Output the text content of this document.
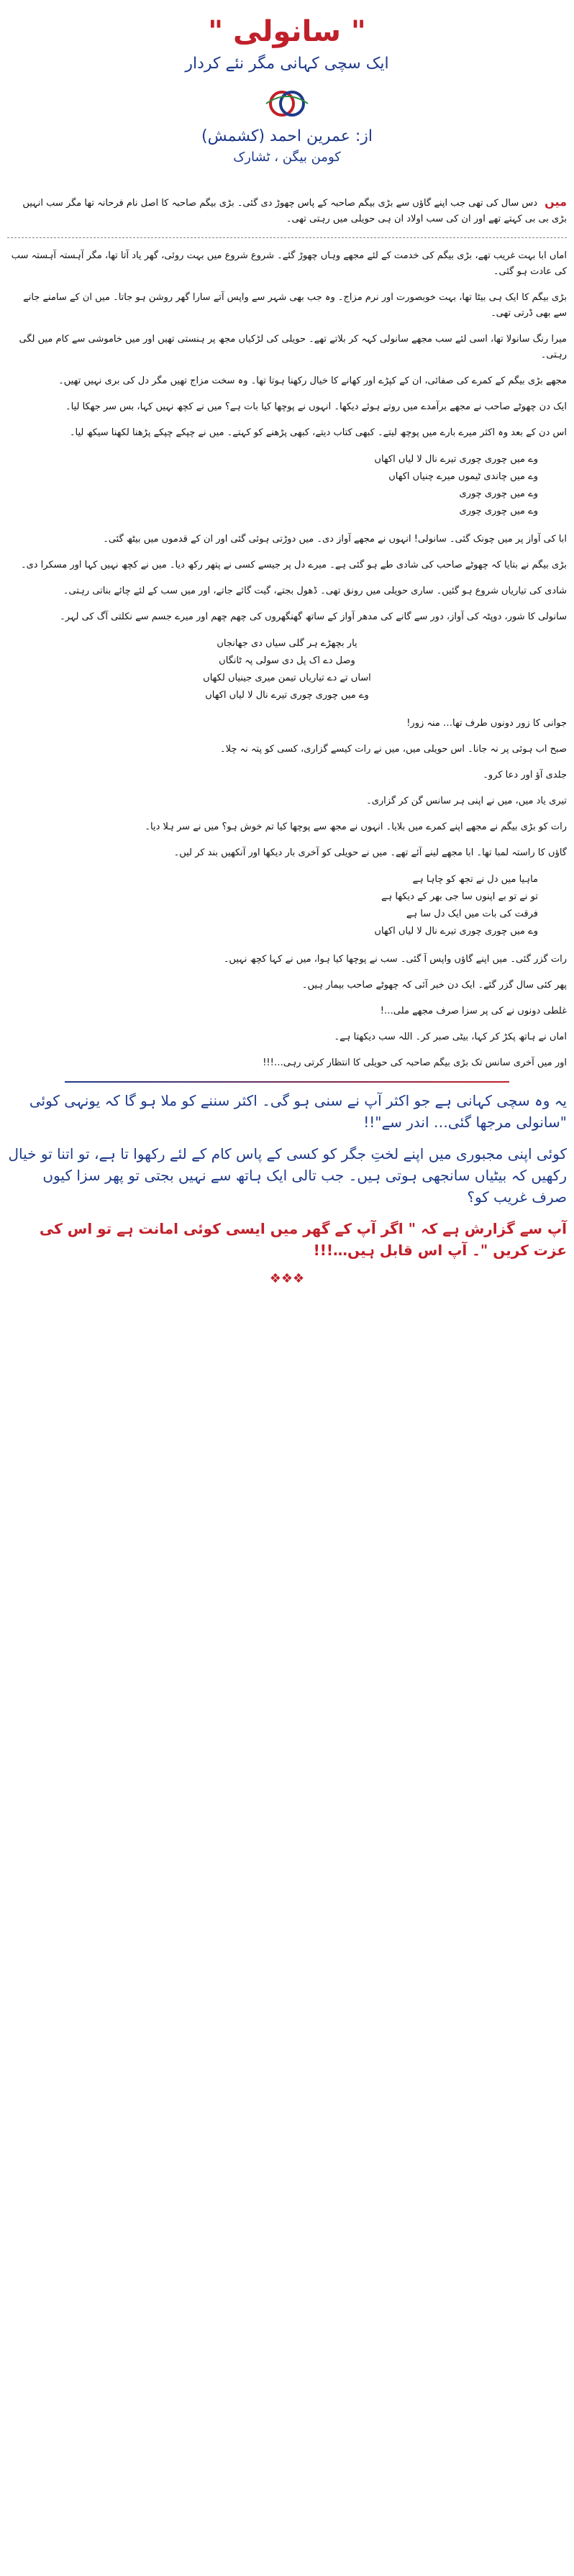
" سانولی "
ایک سچی کہانی مگر نئے کردار
از: عمرین احمد (کشمش)
کومن بیگن ، ٹشارک

میں دس سال کی تھی جب اپنے گاؤں سے بڑی بیگم صاحبہ کے پاس چھوڑ دی گئی۔ بڑی بیگم صاحبہ کا اصل نام فرحانہ تھا مگر سب انہیں بڑی بی بی کہتے تھے اور ان کی سب اولاد ان ہی حویلی میں رہتی تھی۔

اماں ابا بہت غریب تھے، بڑی بیگم کی خدمت کے لئے مجھے وہاں چھوڑ گئے۔ شروع شروع میں بہت روئی، گھر یاد آتا تھا، مگر آہستہ آہستہ سب کی عادت ہو گئی۔

بڑی بیگم کا ایک ہی بیٹا تھا، بہت خوبصورت اور نرم مزاج۔ وہ جب بھی شہر سے واپس آتے سارا گھر روشن ہو جاتا۔ میں ان کے سامنے جانے سے بھی ڈرتی تھی۔

میرا رنگ سانولا تھا، اسی لئے سب مجھے سانولی کہہ کر بلاتے تھے۔ حویلی کی لڑکیاں مجھ پر ہنستی تھیں اور میں خاموشی سے کام میں لگی رہتی۔

مجھے بڑی بیگم کے کمرے کی صفائی، ان کے کپڑے اور کھانے کا خیال رکھنا ہوتا تھا۔ وہ سخت مزاج تھیں مگر دل کی بری نہیں تھیں۔

ایک دن چھوٹے صاحب نے مجھے برآمدے میں روتے ہوئے دیکھا۔ انہوں نے پوچھا کیا بات ہے؟ میں نے کچھ نہیں کہا، بس سر جھکا لیا۔

اس دن کے بعد وہ اکثر میرے بارے میں پوچھ لیتے۔ کبھی کتاب دیتے، کبھی پڑھنے کو کہتے۔ میں نے چپکے چپکے پڑھنا لکھنا سیکھ لیا۔

وے میں چوری چوری تیرے نال لا لیاں اکھاں
وے میں چاندی ٹیموں میرے چنیاں اکھاں
وے میں چوری چوری
وے میں چوری چوری

ابا کی آواز پر میں چونک گئی۔ سانولی! انہوں نے مجھے آواز دی۔ میں دوڑتی ہوئی گئی اور ان کے قدموں میں بیٹھ گئی۔

بڑی بیگم نے بتایا کہ چھوٹے صاحب کی شادی طے ہو گئی ہے۔ میرے دل پر جیسے کسی نے پتھر رکھ دیا۔ میں نے کچھ نہیں کہا اور مسکرا دی۔

شادی کی تیاریاں شروع ہو گئیں۔ ساری حویلی میں رونق تھی۔ ڈھول بجتے، گیت گائے جاتے، اور میں سب کے لئے چائے بناتی رہتی۔

سانولی کا شور، دوپٹہ کی آواز، دور سے گانے کی مدھر آواز کے ساتھ گھنگھروں کی چھم چھم اور میرے جسم سے نکلتی آگ کی لہر۔

یار بچھڑے ہر گلی سیاں دی جھانجاں
وصل دے اک پل دی سولی پہ ٹانگاں
اساں تے دے تیاریاں تیمن میری جینیاں لکھاں
وے میں چوری چوری تیرے نال لا لیاں اکھاں

جوانی کا زور دونوں طرف تھا… منہ زور!

صبح اب ہوئی پر نہ جانا۔ اس حویلی میں، میں نے رات کیسے گزاری، کسی کو پتہ نہ چلا۔

جلدی آؤ اور دعا کرو۔

تیری یاد میں، میں نے اپنی ہر سانس گن کر گزاری۔

رات کو بڑی بیگم نے مجھے اپنے کمرے میں بلایا۔ انہوں نے مجھ سے پوچھا کیا تم خوش ہو؟ میں نے سر ہلا دیا۔

گاؤں کا راستہ لمبا تھا۔ ابا مجھے لینے آئے تھے۔ میں نے حویلی کو آخری بار دیکھا اور آنکھیں بند کر لیں۔

ماہیا میں دل نے تجھ کو چاہا ہے
تو نے تو بے اپنوں سا جی بھر کے دیکھا ہے
فرقت کی بات میں ایک دل سا ہے
وے میں چوری چوری تیرے نال لا لیاں اکھاں

رات گزر گئی۔ میں اپنے گاؤں واپس آ گئی۔ سب نے پوچھا کیا ہوا، میں نے کہا کچھ نہیں۔

پھر کئی سال گزر گئے۔ ایک دن خبر آئی کہ چھوٹے صاحب بیمار ہیں۔

غلطی دونوں نے کی پر سزا صرف مجھے ملی…!

اماں نے ہاتھ پکڑ کر کہا، بیٹی صبر کر۔ اللہ سب دیکھتا ہے۔

اور میں آخری سانس تک بڑی بیگم صاحبہ کی حویلی کا انتظار کرتی رہی…!!!

یہ وہ سچی کہانی ہے جو اکثر آپ نے سنی ہو گی۔ اکثر سننے کو ملا ہو گا کہ یونہی کوئی "سانولی مرجھا گئی… اندر سے"!!

کوئی اپنی مجبوری میں اپنے لختِ جگر کو کسی کے پاس کام کے لئے رکھوا تا ہے، تو اتنا تو خیال رکھیں کہ بیٹیاں سانجھی ہوتی ہیں۔ جب تالی ایک ہاتھ سے نہیں بجتی تو پھر سزا کیوں صرف غریب کو؟

آپ سے گزارش ہے کہ " اگر آپ کے گھر میں ایسی کوئی امانت ہے تو اس کی عزت کریں "۔ آپ اس قابل ہیں…!!!

❖❖❖
